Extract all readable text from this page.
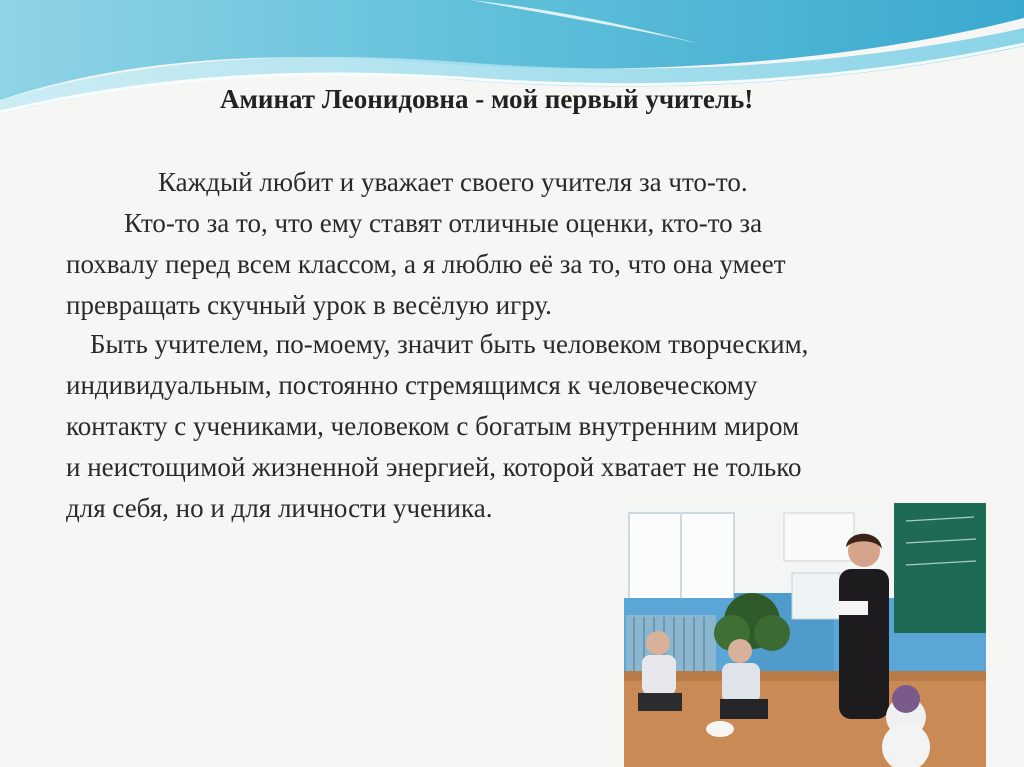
Аминат Леонидовна - мой первый учитель!
Каждый любит и уважает своего учителя за что-то.
Кто-то за то, что ему ставят отличные оценки, кто-то за
похвалу перед всем классом, а я люблю её за то, что она умеет
превращать скучный урок в весёлую игру.
Быть учителем, по-моему, значит быть человеком творческим,
индивидуальным, постоянно стремящимся к человеческому
контакту с учениками, человеком с богатым внутренним миром
и неистощимой жизненной энергией, которой хватает не только
для себя, но и для личности ученика.
